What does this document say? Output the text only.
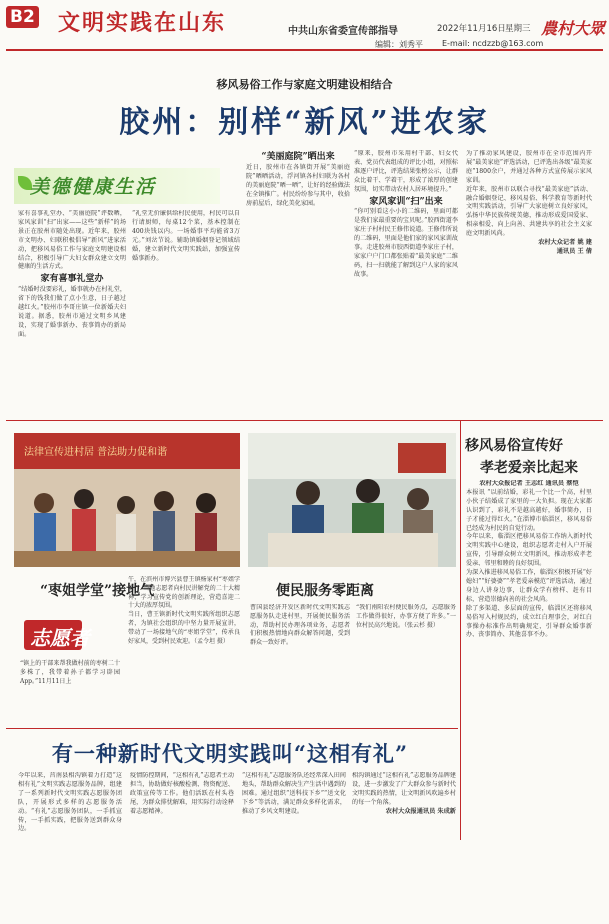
B2 文明实践在山东	中共山东省委宣传部指导	2022年11月16日 星期三 農村大眾
编辑：刘秀平 E-mail: ncdzzb@163.com
移风易俗工作与家庭文明建设相结合
胶州：别样“新风”进农家
美德健康生活

家有喜事礼堂办、“美丽庭院”评数晒，家风家训“扫”出家——这些“新样”的场景正在胶州市随处出现。近年来，胶州市文明办、妇联积极倡导“新风”进家活动，把移风易俗工作与家庭文明建设相结合，积极引导广大妇女群众建立文明健康的生活方式。

家有喜事礼堂办

“结婚时没要彩礼，婚事就办在村礼堂，省下的钱我们做了点小生意，日子越过越红火。”胶州市李哥庄镇一位新婚夫妇说道。据悉，胶州市通过文明乡风建设，实现了婚事新办、丧事简办的新局面。

“礼堂无价廉供给村民使用，村民可以自行请厨师，每桌12个菜，基本控制在400块钱以内。一场婚事平均能省3万元。”刘岔节说。辅助镇婚姻登记领域结婚，建立新时代文明实践站，加强宣传婚事新办。

“美丽庭院”晒出来

近日，胶州市在各镇街开展“美丽庭院”晒晒活动，浮河镇各村妇联为各村的美丽庭院“晒一晒”，让好的经验做法在全镇推广。村民纷纷参与其中，收拾房前屋后，绿化美化家园。

“原来，胶州市采用村干部、妇女代表、党员代表组成的评比小组，对照标准逐户评比，评选结果张榜公示，让群众比着干、学着干，形成了浓厚的创建氛围，切实带动农村人居环境提升。”

家风家训“扫”出来

“你可别看这小小的二维码，里面可都是我们家最重要的宝贝呢。”胶西街道李家庄子村村民王修伟说道。王修伟所说的二维码，里面是他们家的家风家训故事。走进胶州市胶西街道李家庄子村，家家户户门口都张贴着“最美家庭”二维码，扫一扫就能了解到这户人家的家风故事。

为了推动家风建设，胶州市在全市范围内开展“最美家庭”评选活动，已评选出各级“最美家庭”1800余户，并通过各种方式宣传展示家风家训。

近年来，胶州市以联合寻找“最美家庭”活动、融合婚姻登记、移风易俗、科学教育等新时代文明实践活动，引导广大家庭树立良好家风，弘扬中华民族传统美德，推动形成爱国爱家、相亲相爱、向上向善、共建共享的社会主义家庭文明新风尚。

农村大众记者 姚 建
通讯员 王 倩

法律宣传进村居 普法助力促和谐
“枣姐学堂”接地气
志愿者
“镇上的干部来帮我做村前的枣树二十多株了，我带着孙子都学习辟园App。”11月11日上

午，在滨州市博兴县曹王镇杨家村“枣姐学堂”，当地志愿者向村民讲解党的二十大精神，学习宣传党的创新理论，营造喜迎二十大的浓厚氛围。

当日，曹王镇新时代文明实践所组织志愿者，为镇社会组织的中坚力量开展宣讲，带动了一场接地气的“枣姐学堂”，传承良好家风，受到村民欢迎。（孟令坦 摄）

便民服务零距离
曹国县经济开发区新时代文明实践志愿服务队走进村里，开展便民服务活动，帮助村民办理各项业务，志愿者们积极热情地向群众解答问题，受到群众一致好评。
“我们南阳农村便民服务点，志愿服务工作做得很好，办事方便了许多。”一位村民高兴地说。（张云杉 摄）
移风易俗宣传好
孝老爱亲比起来

农村大众报记者 王志红 通讯员 蔡恺

本报讯 “以前结婚，彩礼一个比一个高，村里小伙子结婚成了家里的一大负担。现在大家都认识到了，彩礼不是越高越好，婚事简办，日子才能过得红火。”在淄博市临淄区，移风易俗已经成为村民的自觉行动。

今年以来，临淄区把移风易俗工作纳入新时代文明实践中心建设，组织志愿者走村入户开展宣传，引导群众树立文明新风，推动形成孝老爱亲、邻里和睦的良好氛围。

为深入推进移风易俗工作，临淄区积极开展“好媳妇”“好婆婆”“孝老爱亲模范”评选活动，通过身边人讲身边事，让群众学有榜样、赶有目标，营造崇德向善的社会风尚。

除了多渠道、多层面的宣传，临淄区还将移风易俗写入村规民约，成立红白理事会，对红白事操办标准作出明确规定，引导群众婚事新办、丧事简办、其他喜事不办。

有一种新时代文明实践叫“这相有礼”
今年以来，莒南县相沟镇着力打造“这相有礼”文明实践志愿服务品牌，组建了一系列新时代文明实践志愿服务团队，开展形式多样的志愿服务活动。“有礼”志愿服务团队，一手抓宣传，一手抓实践，把服务送到群众身边。
疫情防控期间，“这相有礼”志愿者主动担当，协助做好核酸检测、物资配送、政策宣传等工作。他们活跃在村头巷尾，为群众排忧解难，用实际行动诠释着志愿精神。
“这相有礼”志愿服务队还经常深入田间地头，帮助群众解决生产生活中遇到的困难。通过组织“送科技下乡”“送文化下乡”等活动，满足群众多样化需求，推动了乡风文明建设。

相沟镇通过“这相有礼”志愿服务品牌建设，进一步激发了广大群众参与新时代文明实践的热情，让文明新风吹遍乡村的每一个角落。

农村大众报通讯员 朱成新
